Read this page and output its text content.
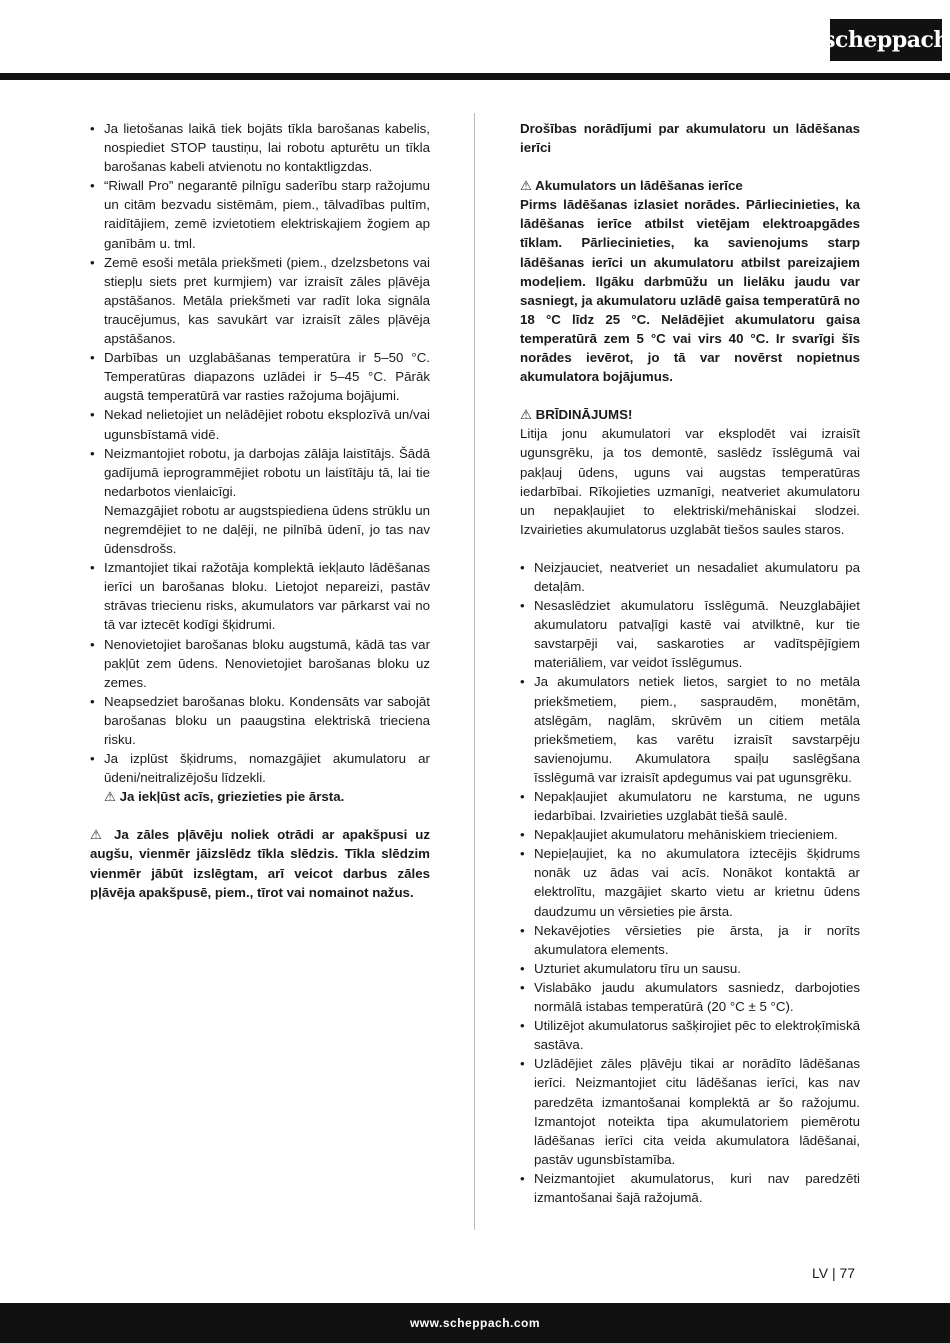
scheppach
• Ja lietošanas laikā tiek bojāts tīkla barošanas kabelis, nospiediet STOP taustiņu, lai robotu apturētu un tīkla barošanas kabeli atvienotu no kontaktligzdas.
• “Riwall Pro” negarantē pilnīgu saderību starp ražojumu un citām bezvadu sistēmām, piem., tālvadības pultīm, raidītājiem, zemē izvietotiem elektriskajiem žogiem ap ganībām u. tml.
• Zemē esoši metāla priekšmeti (piem., dzelzsbetons vai stiepļu siets pret kurmjiem) var izraisīt zāles pļāvēja apstāšanos. Metāla priekšmeti var radīt loka signāla traucējumus, kas savukārt var izraisīt zāles pļāvēja apstāšanos.
• Darbības un uzglabāšanas temperatūra ir 5–50 °C. Temperatūras diapazons uzlādei ir 5–45 °C. Pārāk augstā temperatūrā var rasties ražojuma bojājumi.
• Nekad nelietojiet un nelādējiet robotu eksplozīvā un/vai ugunsbīstamā vidē.
• Neizmantojiet robotu, ja darbojas zālāja laistītājs. Šādā gadījumā ieprogrammējiet robotu un laistītāju tā, lai tie nedarbotos vienlaicīgi.

Nemazgājiet robotu ar augstspiediena ūdens strūklu un negremdējiet to ne daļēji, ne pilnībā ūdenī, jo tas nav ūdensdrošs.

• Izmantojiet tikai ražotāja komplektā iekļauto lādēšanas ierīci un barošanas bloku. Lietojot nepareizi, pastāv strāvas triecienu risks, akumulators var pārkarst vai no tā var iztecēt kodīgi šķidrumi.
• Nenovietojiet barošanas bloku augstumā, kādā tas var pakļūt zem ūdens. Nenovietojiet barošanas bloku uz zemes.
• Neapsedziet barošanas bloku. Kondensāts var sabojāt barošanas bloku un paaugstina elektriskā trieciena risku.
• Ja izplūst šķidrums, nomazgājiet akumulatoru ar ūdeni/neitralizējošu līdzekli.

⚠ Ja iekļūst acīs, griezieties pie ārsta.

⚠ Ja zāles pļāvēju noliek otrādi ar apakšpusi uz augšu, vienmēr jāizslēdz tīkla slēdzis. Tīkla slēdzim vienmēr jābūt izslēgtam, arī veicot darbus zāles pļāvēja apakšpusē, piem., tīrot vai nomainot nažus.

Drošības norādījumi par akumulatoru un lādēšanas ierīci

⚠ Akumulators un lādēšanas ierīce

Pirms lādēšanas izlasiet norādes. Pārliecinieties, ka lādēšanas ierīce atbilst vietējam elektroapgādes tīklam. Pārliecinieties, ka savienojums starp lādēšanas ierīci un akumulatoru atbilst pareizajiem modeļiem. Ilgāku darbmūžu un lielāku jaudu var sasniegt, ja akumulatoru uzlādē gaisa temperatūrā no 18 °C līdz 25 °C. Nelādējiet akumulatoru gaisa temperatūrā zem 5 °C vai virs 40 °C. Ir svarīgi šīs norādes ievērot, jo tā var novērst nopietnus akumulatora bojājumus.

⚠ BRĪDINĀJUMS!

Litija jonu akumulatori var eksplodēt vai izraisīt ugunsgrēku, ja tos demontē, saslēdz īsslēgumā vai pakļauj ūdens, uguns vai augstas temperatūras iedarbībai. Rīkojieties uzmanīgi, neatveriet akumulatoru un nepakļaujiet to elektriski/mehāniskai slodzei. Izvairieties akumulatorus uzglabāt tiešos saules staros.

• Neizjauciet, neatveriet un nesadaliet akumulatoru pa detaļām.
• Nesaslēdziet akumulatoru īsslēgumā. Neuzglabājiet akumulatoru patvaļīgi kastē vai atvilktnē, kur tie savstarpēji vai, saskaroties ar vadītspējīgiem materiāliem, var veidot īsslēgumus.
• Ja akumulators netiek lietos, sargiet to no metāla priekšmetiem, piem., saspraudēm, monētām, atslēgām, naglām, skrūvēm un citiem metāla priekšmetiem, kas varētu izraisīt savstarpēju savienojumu. Akumulatora spaiļu saslēgšana īsslēgumā var izraisīt apdegumus vai pat ugunsgrēku.
• Nepakļaujiet akumulatoru ne karstuma, ne uguns iedarbībai. Izvairieties uzglabāt tiešā saulē.
• Nepakļaujiet akumulatoru mehāniskiem triecieniem.
• Nepieļaujiet, ka no akumulatora iztecējis šķidrums nonāk uz ādas vai acīs. Nonākot kontaktā ar elektrolītu, mazgājiet skarto vietu ar krietnu ūdens daudzumu un vērsieties pie ārsta.
• Nekavējoties vērsieties pie ārsta, ja ir norīts akumulatora elements.
• Uzturiet akumulatoru tīru un sausu.
• Vislabāko jaudu akumulators sasniedz, darbojoties normālā istabas temperatūrā (20 °C ± 5 °C).
• Utilizējot akumulatorus sašķirojiet pēc to elektroķīmiskā sastāva.
• Uzlādējiet zāles pļāvēju tikai ar norādīto lādēšanas ierīci. Neizmantojiet citu lādēšanas ierīci, kas nav paredzēta izmantošanai komplektā ar šo ražojumu. Izmantojot noteikta tipa akumulatoriem piemērotu lādēšanas ierīci cita veida akumulatora lādēšanai, pastāv ugunsbīstamība.
• Neizmantojiet akumulatorus, kuri nav paredzēti izmantošanai šajā ražojumā.
LV | 77
www.scheppach.com
